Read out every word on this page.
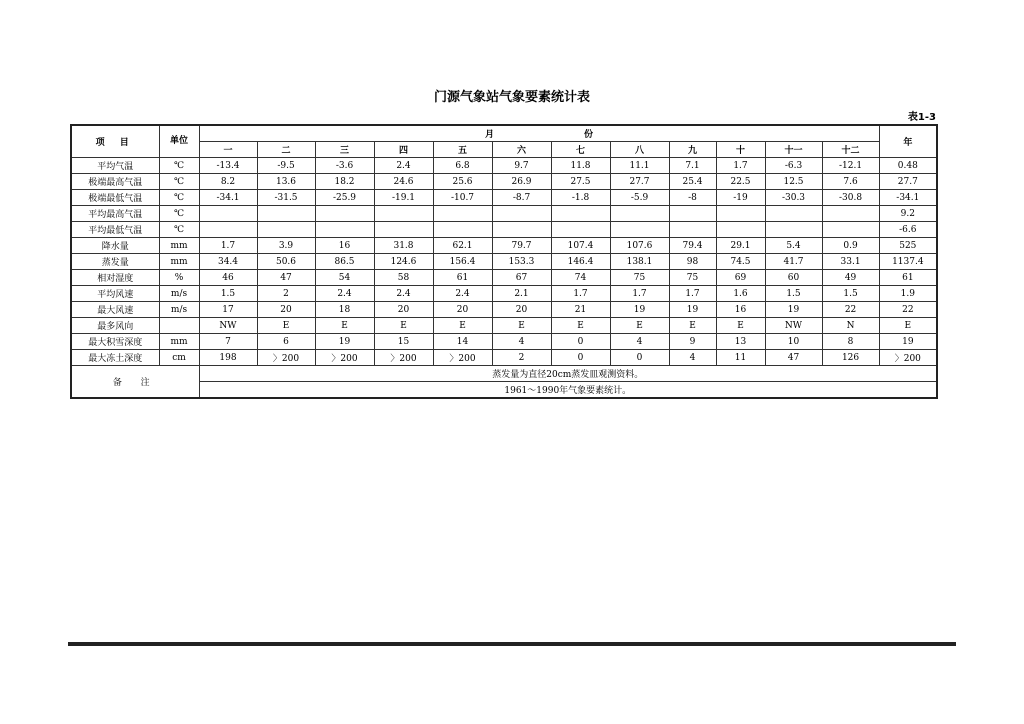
门源气象站气象要素统计表
表1-3
项 目	单位	月份												年
		一	二	三	四	五	六	七	八	九	十	十一	十二	
平均气温	℃	-13.4	-9.5	-3.6	2.4	6.8	9.7	11.8	11.1	7.1	1.7	-6.3	-12.1	0.48
极端最高气温	℃	8.2	13.6	18.2	24.6	25.6	26.9	27.5	27.7	25.4	22.5	12.5	7.6	27.7
极端最低气温	℃	-34.1	-31.5	-25.9	-19.1	-10.7	-8.7	-1.8	-5.9	-8	-19	-30.3	-30.8	-34.1
平均最高气温	℃													9.2
平均最低气温	℃													-6.6
降水量	mm	1.7	3.9	16	31.8	62.1	79.7	107.4	107.6	79.4	29.1	5.4	0.9	525
蒸发量	mm	34.4	50.6	86.5	124.6	156.4	153.3	146.4	138.1	98	74.5	41.7	33.1	1137.4
相对湿度	%	46	47	54	58	61	67	74	75	75	69	60	49	61
平均风速	m/s	1.5	2	2.4	2.4	2.4	2.1	1.7	1.7	1.7	1.6	1.5	1.5	1.9
最大风速	m/s	17	20	18	20	20	20	21	19	19	16	19	22	22
最多风向		NW	E	E	E	E	E	E	E	E	E	NW	N	E
最大积雪深度	mm	7	6	19	15	14	4	0	4	9	13	10	8	19
最大冻土深度	cm	198	〉200	〉200	〉200	〉200	2	0	0	4	11	47	126	〉200
备 注		蒸发量为直径20cm蒸发皿观测资料。												
		1961～1990年气象要素统计。												
